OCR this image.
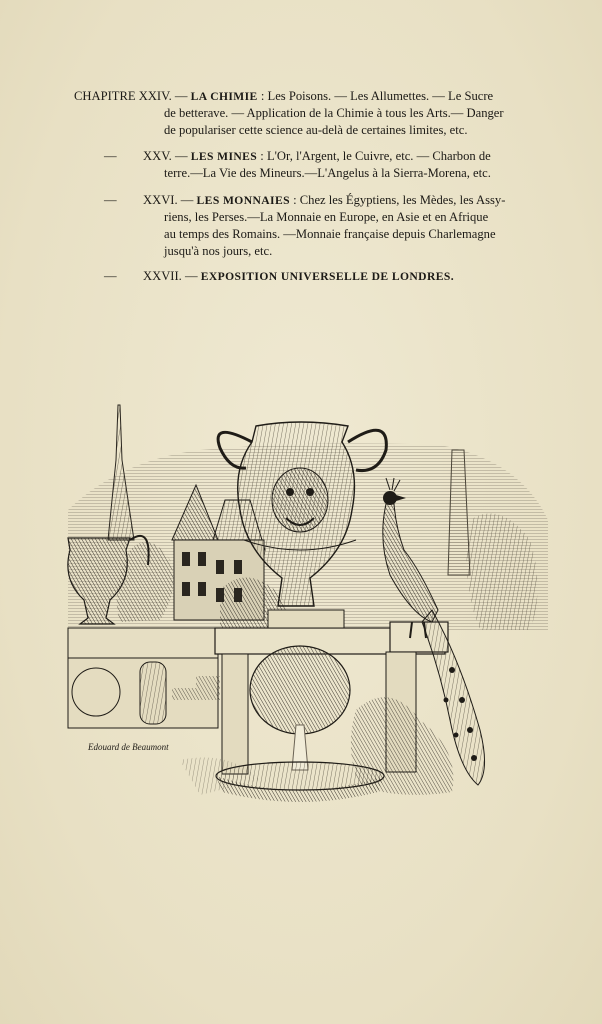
CHAPITRE XXIV. — LA CHIMIE : Les Poisons. — Les Allumettes. — Le Sucre
de betterave. — Application de la Chimie à tous les Arts.— Danger
de populariser cette science au-delà de certaines limites, etc.
— XXV. — LES MINES : L'Or, l'Argent, le Cuivre, etc. — Charbon de
terre.—La Vie des Mineurs.—L'Angelus à la Sierra-Morena, etc.
— XXVI. — LES MONNAIES : Chez les Égyptiens, les Mèdes, les Assy-
riens, les Perses.—La Monnaie en Europe, en Asie et en Afrique
au temps des Romains. —Monnaie française depuis Charlemagne
jusqu'à nos jours, etc.
— XXVII. — EXPOSITION UNIVERSELLE DE LONDRES.
Edouard de Beaumont
